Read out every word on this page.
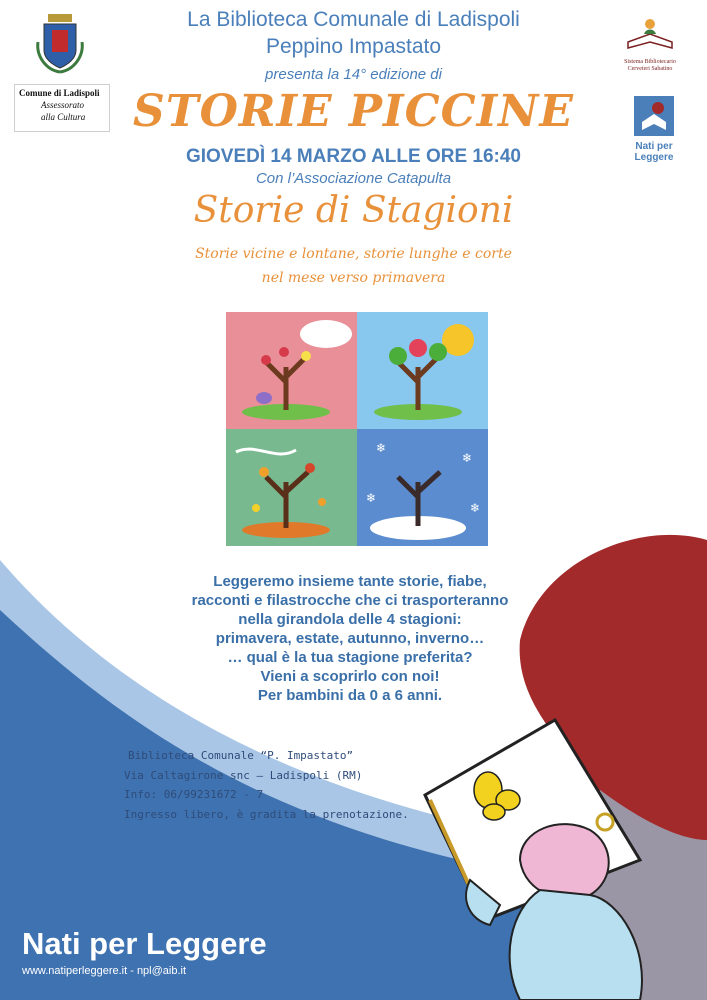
Comune di Ladispoli
Assessorato
alla Cultura
Sistema Bibliotecario
Cerveteri Sabatino
Nati per
Leggere
La Biblioteca Comunale di Ladispoli
Peppino Impastato
presenta la 14° edizione di
STORIE PICCINE
GIOVEDÌ 14 MARZO ALLE ORE 16:40
Con l’Associazione Catapulta
Storie di Stagioni
Storie vicine e lontane, storie lunghe e corte
nel mese verso primavera
❄
❄
❄
❄
Leggeremo insieme tante storie, fiabe,
racconti e filastrocche che ci trasporteranno
nella girandola delle 4 stagioni:
primavera, estate, autunno, inverno…
… qual è la tua stagione preferita?
Vieni a scoprirlo con noi!
Per bambini da 0 a 6 anni.
Biblioteca Comunale “P. Impastato”
Via Caltagirone snc – Ladispoli (RM)
Info: 06/99231672 - 7
Ingresso libero, è gradita la prenotazione.
Nati per Leggere
www.natiperleggere.it - npl@aib.it
